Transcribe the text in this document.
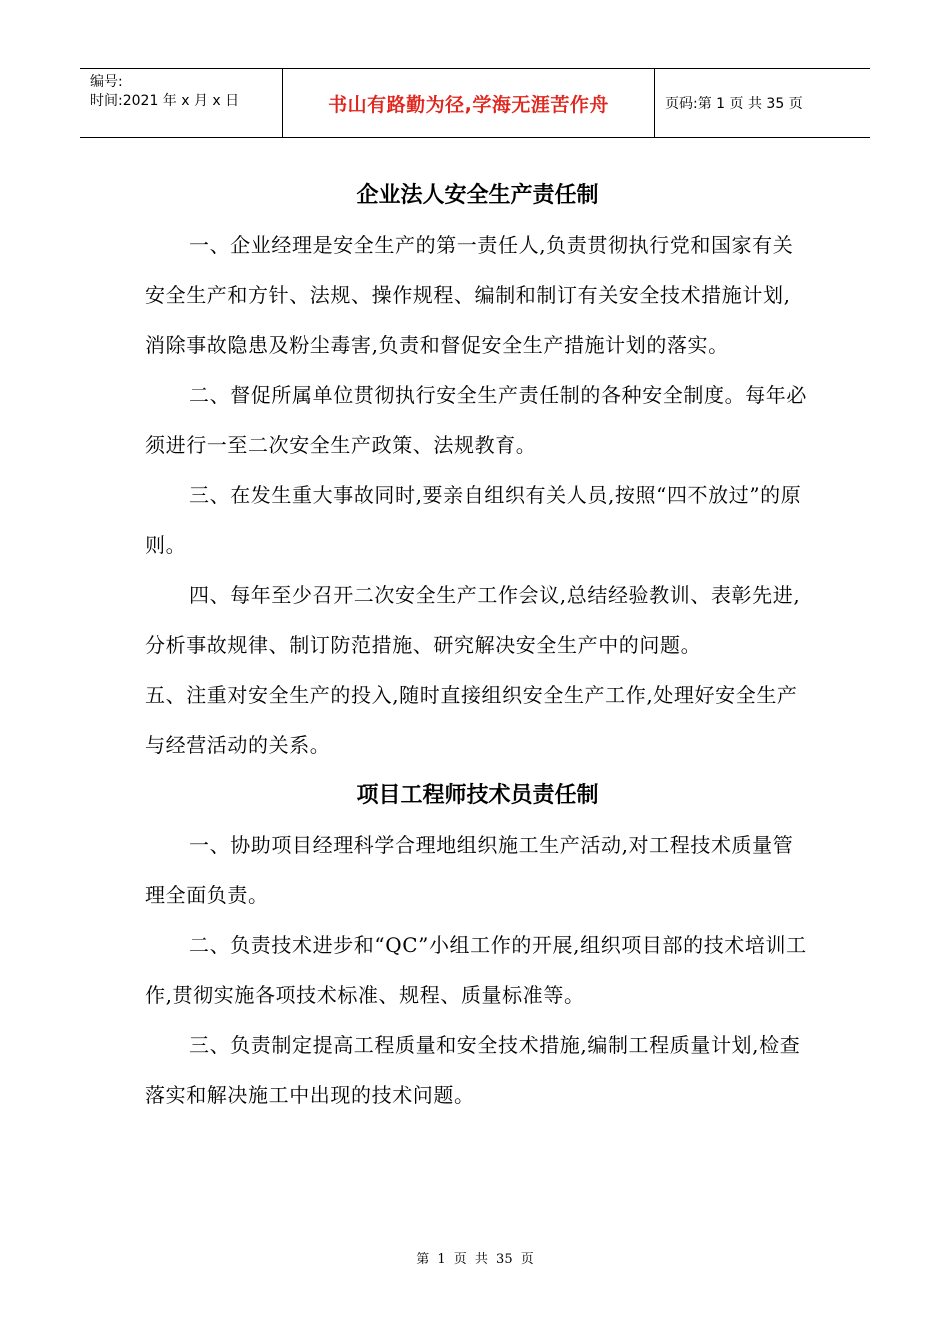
编号:
时间:2021 年 x 月 x 日	书山有路勤为径,学海无涯苦作舟	页码:第 1 页 共 35 页
企业法人安全生产责任制

一、企业经理是安全生产的第一责任人,负责贯彻执行党和国家有关安全生产和方针、法规、操作规程、编制和制订有关安全技术措施计划,消除事故隐患及粉尘毒害,负责和督促安全生产措施计划的落实。

二、督促所属单位贯彻执行安全生产责任制的各种安全制度。每年必须进行一至二次安全生产政策、法规教育。

三、在发生重大事故同时,要亲自组织有关人员,按照“四不放过”的原则。

四、每年至少召开二次安全生产工作会议,总结经验教训、表彰先进,分析事故规律、制订防范措施、研究解决安全生产中的问题。

五、注重对安全生产的投入,随时直接组织安全生产工作,处理好安全生产与经营活动的关系。

项目工程师技术员责任制

一、协助项目经理科学合理地组织施工生产活动,对工程技术质量管理全面负责。

二、负责技术进步和“QC”小组工作的开展,组织项目部的技术培训工作,贯彻实施各项技术标准、规程、质量标准等。

三、负责制定提高工程质量和安全技术措施,编制工程质量计划,检查落实和解决施工中出现的技术问题。

第 1 页 共 35 页
